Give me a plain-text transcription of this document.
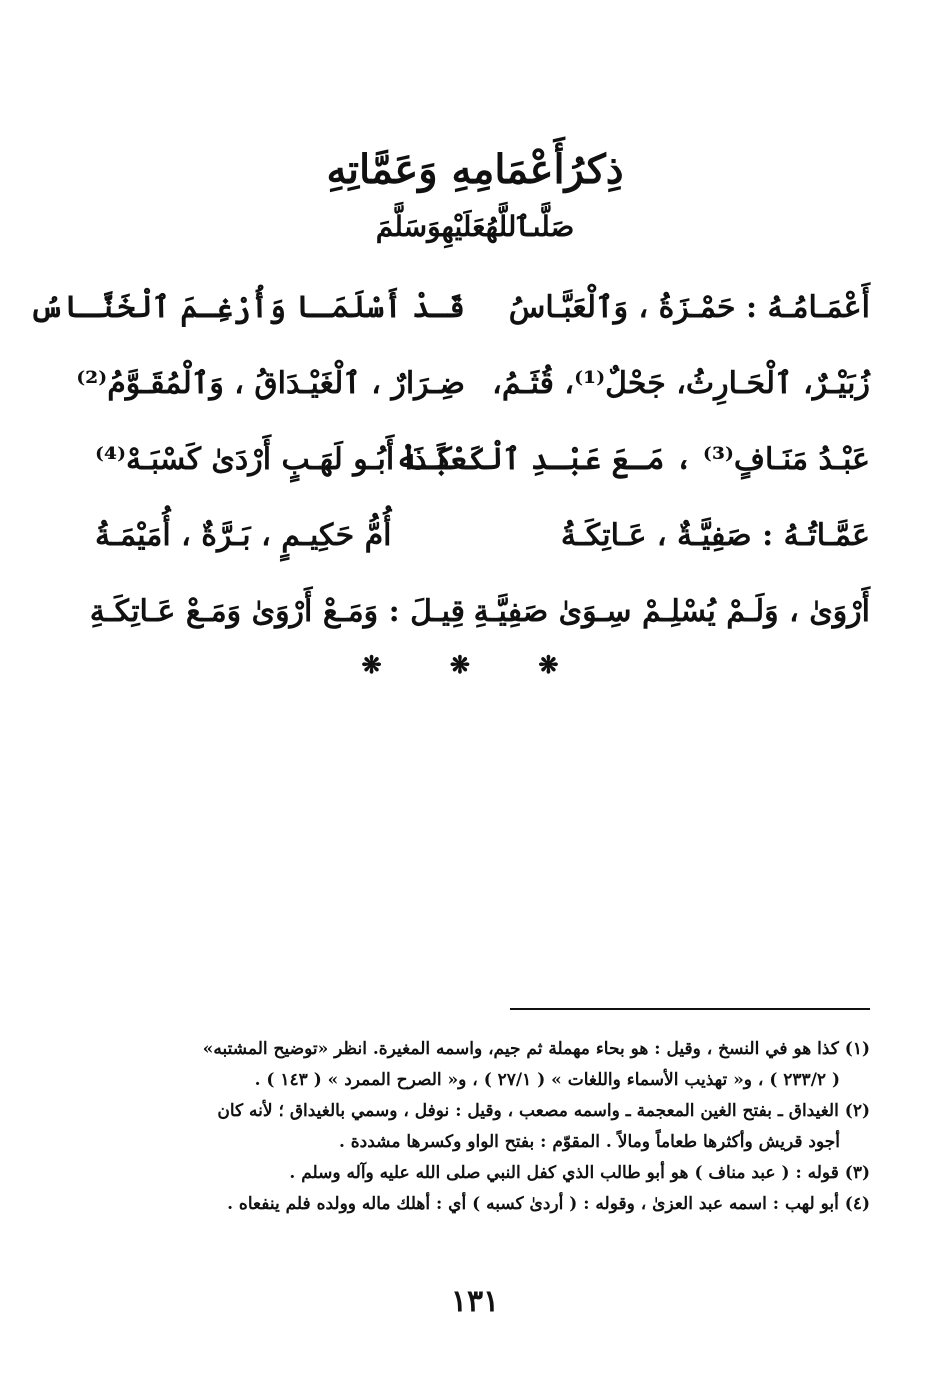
ذِكرُأَعْمَامِهِ وَعَمَّاتِهِ
صَلَّىٱللَّهُعَلَيْهِوَسَلَّمَ
أَعْمَـامُـهُ : حَمْـزَةُ ، وَٱلْعَبَّـاسُ
قَـدْ أَسْلَمَـا وَأُرْغِـمَ ٱلْخَنَّـاسُ
زُبَيْـرٌ، ٱلْحَـارِثُ، جَحْلٌ⁽¹⁾، قُثَـمُ،
ضِـرَارٌ ، ٱلْغَيْـدَاقُ ، وَٱلْمُقَـوَّمُ⁽²⁾
عَبْـدُ مَنَـافٍ⁽³⁾ ، مَـعَ عَبْـدِ ٱلْكَعْبَـهْ
كَـذَا أَبُـو لَهَـبٍ أَرْدَىٰ كَسْبَـهْ⁽⁴⁾
عَمَّـاتُـهُ : صَفِيَّـةٌ ، عَـاتِكَـةُ
أُمُّ حَكِيـمٍ ، بَـرَّةٌ ، أُمَيْمَـةُ
أَرْوَىٰ ، وَلَـمْ يُسْلِـمْ سِـوَىٰ صَفِيَّـةِ
قِيـلَ : وَمَـعْ أَرْوَىٰ وَمَـعْ عَـاتِكَـةِ
❋ ❋ ❋

(١) كذا هو في النسخ ، وقيل : هو بحاء مهملة ثم جيم، واسمه المغيرة. انظر «توضيح المشتبه»

( ٢٣٣/٢ ) ، و« تهذيب الأسماء واللغات » ( ٢٧/١ ) ، و« الصرح الممرد » ( ١٤٣ ) .

(٢) الغيداق ـ بفتح الغين المعجمة ـ واسمه مصعب ، وقيل : نوفل ، وسمي بالغيداق ؛ لأنه كان

أجود قريش وأكثرها طعاماً ومالاً . المقوّم : بفتح الواو وكسرها مشددة .

(٣) قوله : ( عبد مناف ) هو أبو طالب الذي كفل النبي صلى الله عليه وآله وسلم .

(٤) أبو لهب : اسمه عبد العزىٰ ، وقوله : ( أردىٰ كسبه ) أي : أهلك ماله وولده فلم ينفعاه .

١٣١
